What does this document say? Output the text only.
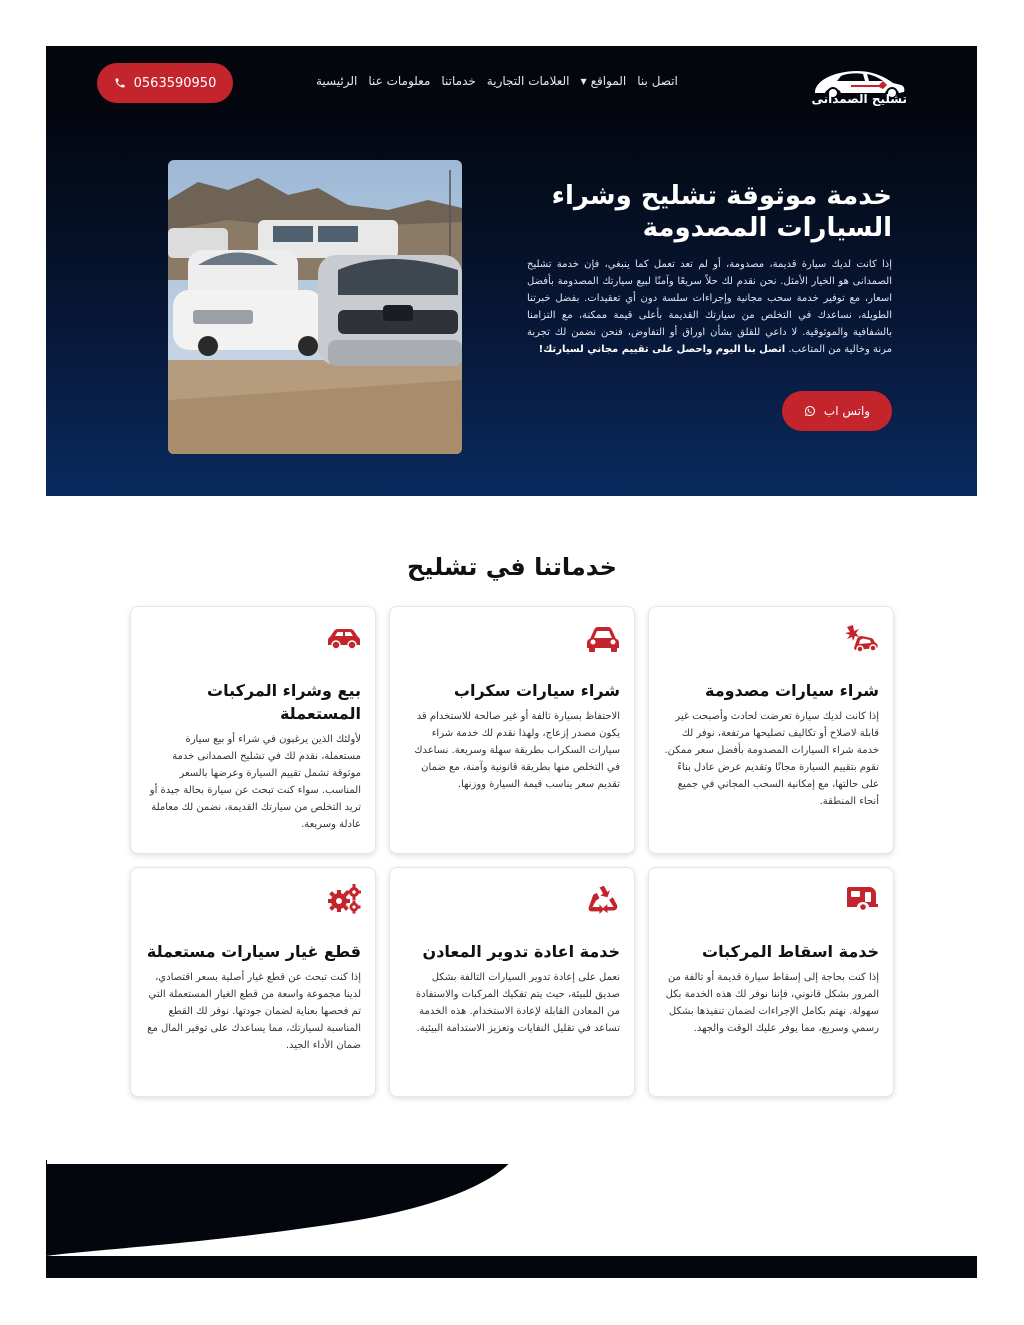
تشليح الصمدانى
الرئيسية معلومات عنا خدماتنا العلامات التجارية المواقع
▼	اتصل بنا
0563590950
خدمة موثوقة تشليح وشراء السيارات المصدومة
إذا كانت لديك سيارة قديمة، مصدومة، أو لم تعد تعمل كما ينبغي، فإن خدمة تشليح الصمدانى هو الخيار الأمثل. نحن نقدم لك حلاً سريعًا وآمنًا لبيع سيارتك المصدومة بأفضل اسعار، مع توفير خدمة سحب مجانية وإجراءات سلسة دون أي تعقيدات. بفضل خبرتنا الطويلة، نساعدك في التخلص من سيارتك القديمة بأعلى قيمة ممكنة، مع التزامنا بالشفافية والموثوقية. لا داعي للقلق بشأن اوراق أو التفاوض، فنحن نضمن لك تجربة مرنة وخالية من المتاعب. اتصل بنا اليوم واحصل على تقييم مجاني لسيارتك!
واتس اب
خدماتنا في تشليح
شراء سيارات مصدومة
إذا كانت لديك سيارة تعرضت لحادث وأصبحت غير قابلة لاصلاح أو تكاليف تصليحها مرتفعة، نوفر لك خدمة شراء السيارات المصدومة بأفضل سعر ممكن. نقوم بتقييم السيارة مجانًا وتقديم عرض عادل بناءً على حالتها، مع إمكانية السحب المجاني في جميع أنحاء المنطقة.
شراء سيارات سكراب
الاحتفاظ بسيارة تالفة أو غير صالحة للاستخدام قد يكون مصدر إزعاج، ولهذا نقدم لك خدمة شراء سيارات السكراب بطريقة سهلة وسريعة. نساعدك في التخلص منها بطريقة قانونية وآمنة، مع ضمان تقديم سعر يناسب قيمة السيارة ووزنها.
بيع وشراء المركبات المستعملة
لأولئك الذين يرغبون في شراء أو بيع سيارة مستعملة، نقدم لك في تشليح الصمدانى خدمة موثوقة تشمل تقييم السيارة وعرضها بالسعر المناسب. سواء كنت تبحث عن سيارة بحالة جيدة أو تريد التخلص من سيارتك القديمة، نضمن لك معاملة عادلة وسريعة.
خدمة اسقاط المركبات
إذا كنت بحاجة إلى إسقاط سيارة قديمة أو تالفة من المرور بشكل قانوني، فإننا نوفر لك هذه الخدمة بكل سهولة. نهتم بكامل الإجراءات لضمان تنفيذها بشكل رسمي وسريع، مما يوفر عليك الوقت والجهد.
خدمة اعادة تدوير المعادن
نعمل على إعادة تدوير السيارات التالفة بشكل صديق للبيئة، حيث يتم تفكيك المركبات والاستفادة من المعادن القابلة لإعادة الاستخدام. هذه الخدمة تساعد في تقليل النفايات وتعزيز الاستدامة البيئية.
قطع غيار سيارات مستعملة
إذا كنت تبحث عن قطع غيار أصلية بسعر اقتصادي، لدينا مجموعة واسعة من قطع الغيار المستعملة التي تم فحصها بعناية لضمان جودتها. نوفر لك القطع المناسبة لسيارتك، مما يساعدك على توفير المال مع ضمان الأداء الجيد.
